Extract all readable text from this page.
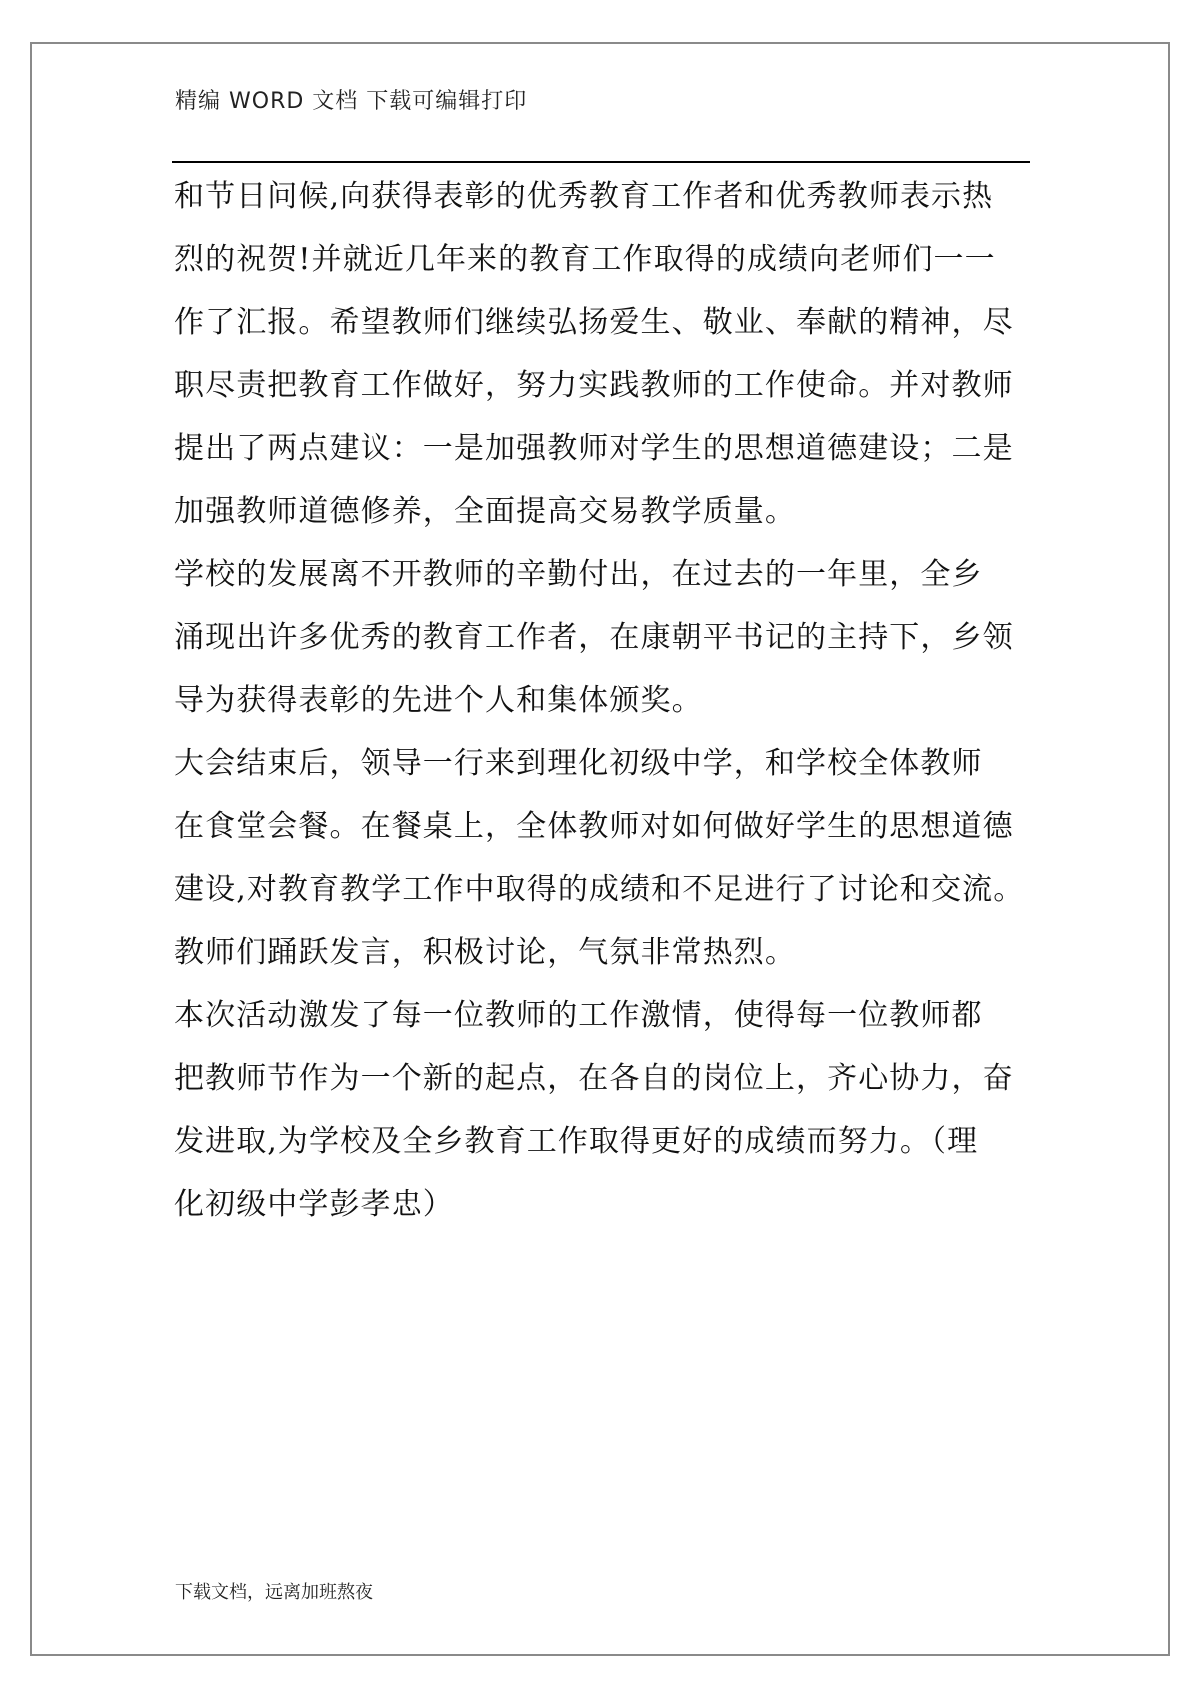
精编 WORD 文档 下载可编辑打印
和节日问候,向获得表彰的优秀教育工作者和优秀教师表示热
烈的祝贺!并就近几年来的教育工作取得的成绩向老师们一一
作了汇报。希望教师们继续弘扬爱生、敬业、奉献的精神，尽
职尽责把教育工作做好，努力实践教师的工作使命。并对教师
提出了两点建议：一是加强教师对学生的思想道德建设；二是
加强教师道德修养，全面提高交易教学质量。
学校的发展离不开教师的辛勤付出，在过去的一年里，全乡
涌现出许多优秀的教育工作者，在康朝平书记的主持下，乡领
导为获得表彰的先进个人和集体颁奖。
大会结束后，领导一行来到理化初级中学，和学校全体教师
在食堂会餐。在餐桌上，全体教师对如何做好学生的思想道德
建设,对教育教学工作中取得的成绩和不足进行了讨论和交流。
教师们踊跃发言，积极讨论，气氛非常热烈。
本次活动激发了每一位教师的工作激情，使得每一位教师都
把教师节作为一个新的起点，在各自的岗位上，齐心协力，奋
发进取,为学校及全乡教育工作取得更好的成绩而努力。（理
化初级中学彭孝忠）
下载文档，远离加班熬夜
